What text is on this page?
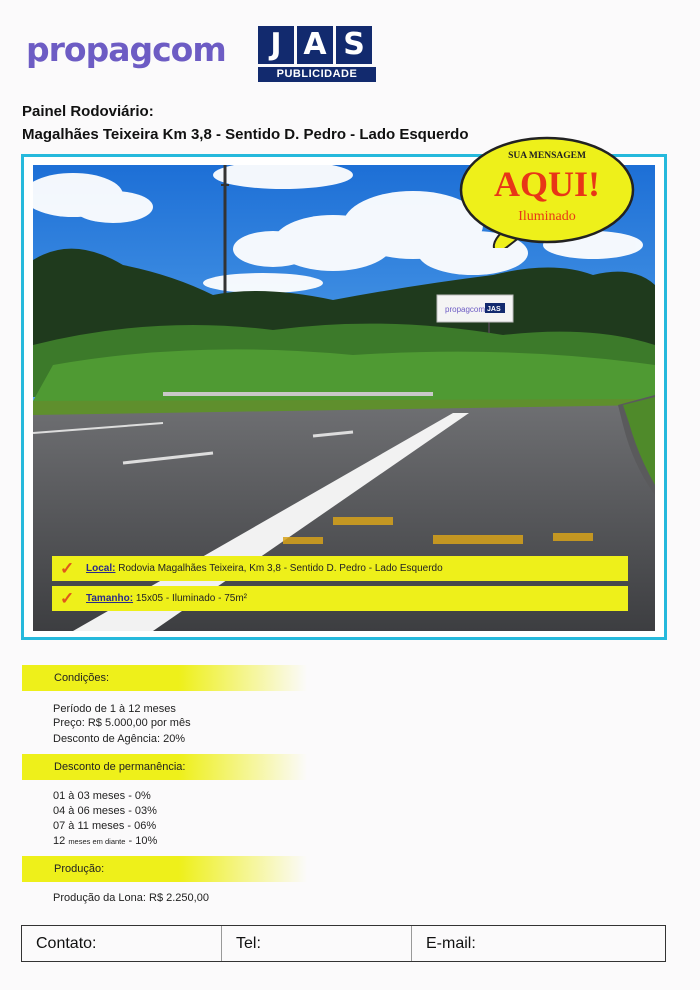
propagcom	J A S
PUBLICIDADE
Painel Rodoviário:
Magalhães Teixeira Km 3,8 - Sentido D. Pedro - Lado Esquerdo
propagcom JAS
SUA MENSAGEM
AQUI!
Iluminado
✓ Local: Rodovia Magalhães Teixeira, Km 3,8 - Sentido D. Pedro - Lado Esquerdo
✓ Tamanho: 15x05 - Iluminado - 75m²
Condições:
Período de 1 à 12 meses
Preço: R$ 5.000,00 por mês
Desconto de Agência: 20%
Desconto de permanência:
01 à 03 meses - 0%
04 à 06 meses - 03%
07 à 11 meses - 06%
12 meses em diante - 10%
Produção:
Produção da Lona: R$ 2.250,00
Contato:	Tel:	E-mail:
